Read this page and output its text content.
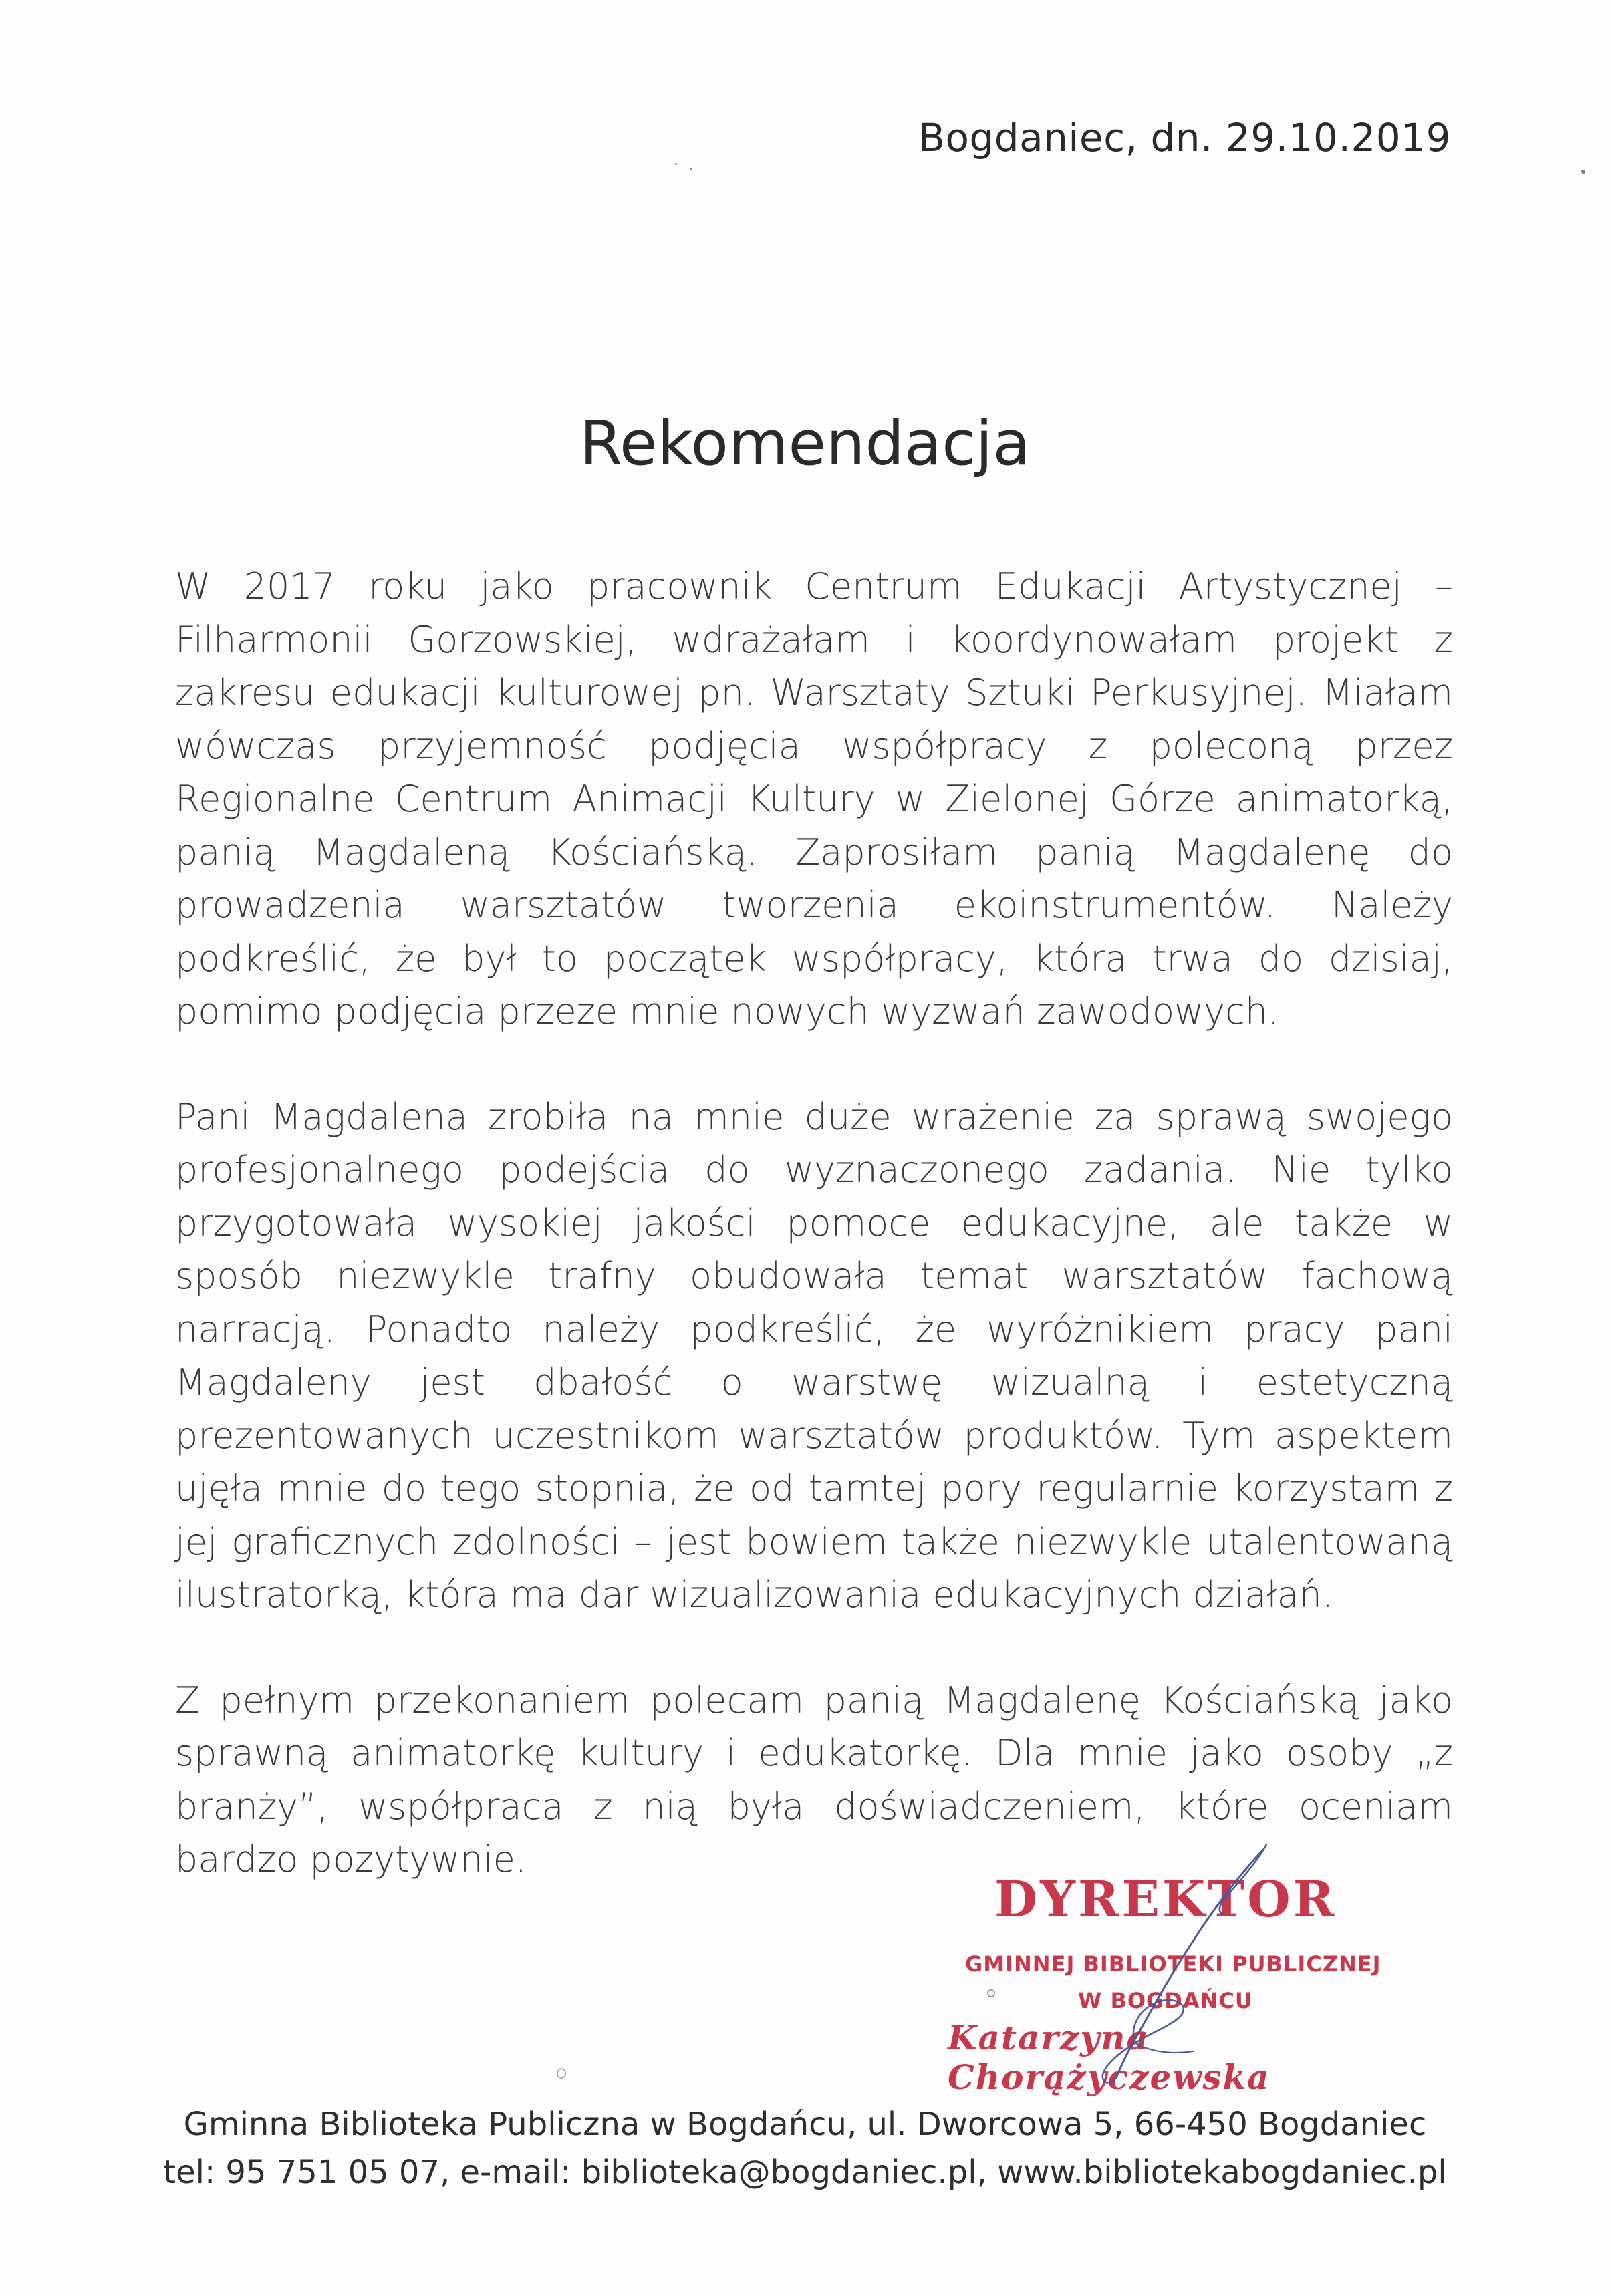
Bogdaniec, dn. 29.10.2019
Rekomendacja

W 2017 roku jako pracownik Centrum Edukacji Artystycznej – Filharmonii Gorzowskiej, wdrażałam i koordynowałam projekt z zakresu edukacji kulturowej pn. Warsztaty Sztuki Perkusyjnej. Miałam wówczas przyjemność podjęcia współpracy z poleconą przez Regionalne Centrum Animacji Kultury w Zielonej Górze animatorką, panią Magdaleną Kościańską. Zaprosiłam panią Magdalenę do prowadzenia warsztatów tworzenia ekoinstrumentów. Należy podkreślić, że był to początek współpracy, która trwa do dzisiaj, pomimo podjęcia przeze mnie nowych wyzwań zawodowych.

Pani Magdalena zrobiła na mnie duże wrażenie za sprawą swojego profesjonalnego podejścia do wyznaczonego zadania. Nie tylko przygotowała wysokiej jakości pomoce edukacyjne, ale także w sposób niezwykle trafny obudowała temat warsztatów fachową narracją. Ponadto należy podkreślić, że wyróżnikiem pracy pani Magdaleny jest dbałość o warstwę wizualną i estetyczną prezentowanych uczestnikom warsztatów produktów. Tym aspektem ujęła mnie do tego stopnia, że od tamtej pory regularnie korzystam z jej graficznych zdolności – jest bowiem także niezwykle utalentowaną ilustratorką, która ma dar wizualizowania edukacyjnych działań.

Z pełnym przekonaniem polecam panią Magdalenę Kościańską jako sprawną animatorkę kultury i edukatorkę. Dla mnie jako osoby „z branży”, współpraca z nią była doświadczeniem, które oceniam bardzo pozytywnie.

DYREKTOR
GMINNEJ BIBLIOTEKI PUBLICZNEJ
W BOGDAŃCU
Katarzyna Chorążyczewska
Gminna Biblioteka Publiczna w Bogdańcu, ul. Dworcowa 5, 66-450 Bogdaniec
tel: 95 751 05 07, e-mail: biblioteka@bogdaniec.pl, www.bibliotekabogdaniec.pl
